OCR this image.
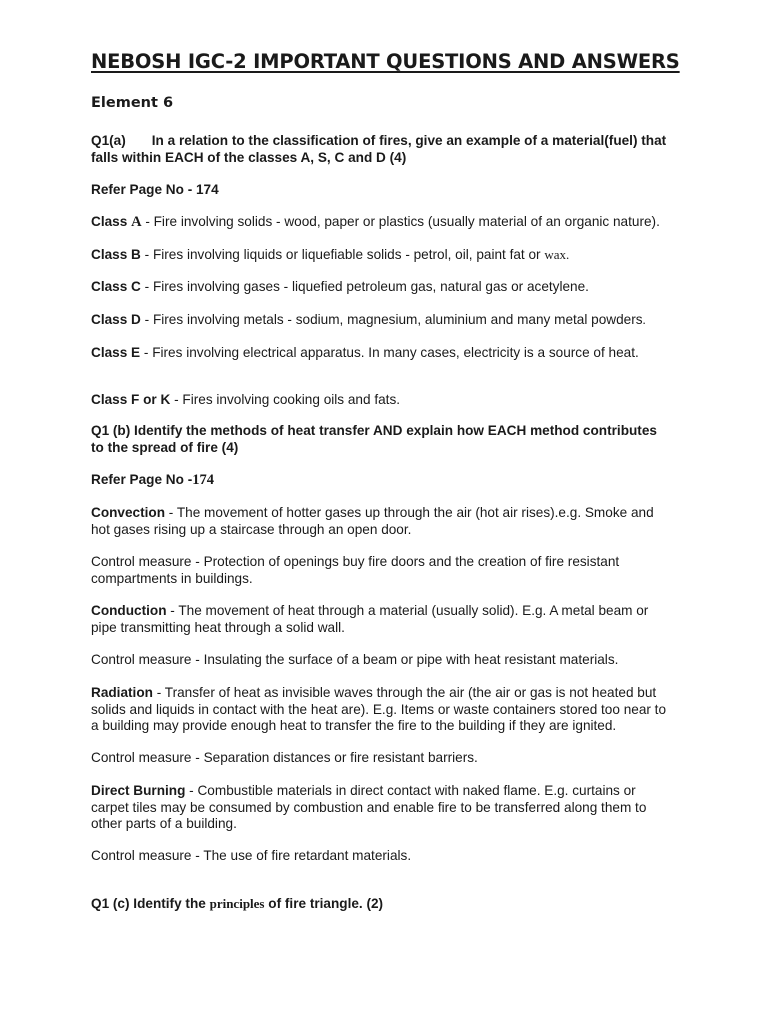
NEBOSH IGC-2 IMPORTANT QUESTIONS AND ANSWERS
Element 6

Q1(a) In a relation to the classification of fires, give an example of a material(fuel) that
falls within EACH of the classes A, S, C and D (4)

Refer Page No - 174

Class A - Fire involving solids - wood, paper or plastics (usually material of an organic nature).

Class B - Fires involving liquids or liquefiable solids - petrol, oil, paint fat or wax.

Class C - Fires involving gases - liquefied petroleum gas, natural gas or acetylene.

Class D - Fires involving metals - sodium, magnesium, aluminium and many metal powders.

Class E - Fires involving electrical apparatus. In many cases, electricity is a source of heat.

Class F or K - Fires involving cooking oils and fats.

Q1 (b) Identify the methods of heat transfer AND explain how EACH method contributes
to the spread of fire (4)

Refer Page No -174

Convection - The movement of hotter gases up through the air (hot air rises).e.g. Smoke and
hot gases rising up a staircase through an open door.

Control measure - Protection of openings buy fire doors and the creation of fire resistant
compartments in buildings.

Conduction - The movement of heat through a material (usually solid). E.g. A metal beam or
pipe transmitting heat through a solid wall.

Control measure - Insulating the surface of a beam or pipe with heat resistant materials.

Radiation - Transfer of heat as invisible waves through the air (the air or gas is not heated but
solids and liquids in contact with the heat are). E.g. Items or waste containers stored too near to
a building may provide enough heat to transfer the fire to the building if they are ignited.

Control measure - Separation distances or fire resistant barriers.

Direct Burning - Combustible materials in direct contact with naked flame. E.g. curtains or
carpet tiles may be consumed by combustion and enable fire to be transferred along them to
other parts of a building.

Control measure - The use of fire retardant materials.

Q1 (c) Identify the principles of fire triangle. (2)
